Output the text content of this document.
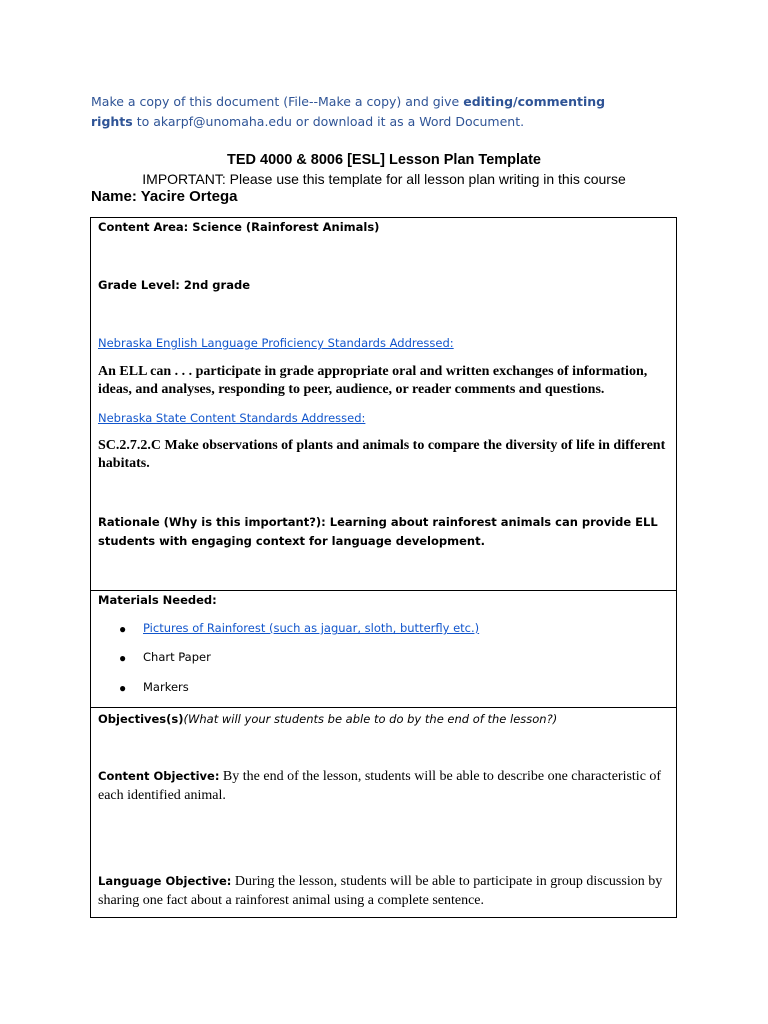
Make a copy of this document (File--Make a copy) and give editing/commenting rights to akarpf@unomaha.edu or download it as a Word Document.
TED 4000 & 8006 [ESL] Lesson Plan Template
IMPORTANT: Please use this template for all lesson plan writing in this course
Name: Yacire Ortega
Content Area: Science (Rainforest Animals)
Grade Level: 2nd grade
Nebraska English Language Proficiency Standards Addressed:
An ELL can . . . participate in grade appropriate oral and written exchanges of information, ideas, and analyses, responding to peer, audience, or reader comments and questions.
Nebraska State Content Standards Addressed:
SC.2.7.2.C Make observations of plants and animals to compare the diversity of life in different habitats.
Rationale (Why is this important?): Learning about rainforest animals can provide ELL students with engaging context for language development.

Materials Needed:
● Pictures of Rainforest (such as jaguar, sloth, butterfly etc.)
● Chart Paper
● Markers

Objectives(s)(What will your students be able to do by the end of the lesson?)
Content Objective: By the end of the lesson, students will be able to describe one characteristic of each identified animal.
Language Objective: During the lesson, students will be able to participate in group discussion by sharing one fact about a rainforest animal using a complete sentence.
